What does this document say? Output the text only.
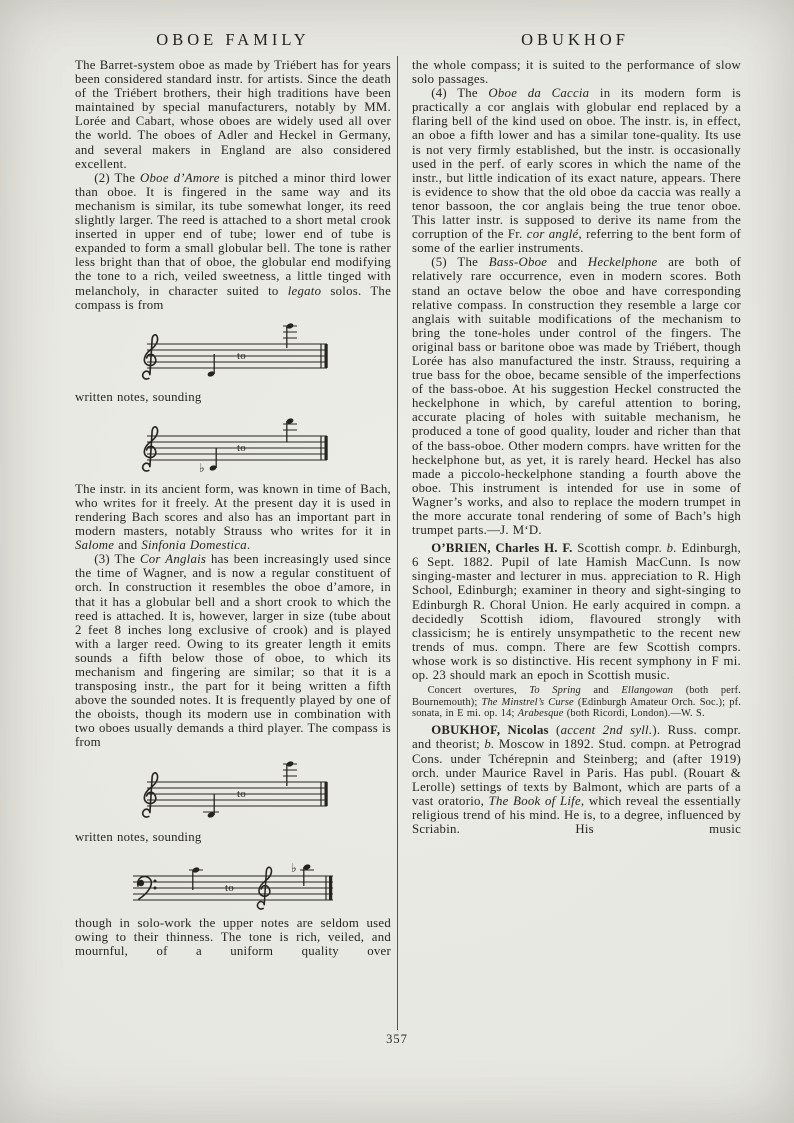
OBOE FAMILY	OBUKHOF

The Barret-system oboe as made by Triébert has for years been considered standard instr. for artists. Since the death of the Triébert brothers, their high traditions have been maintained by special manufacturers, notably by MM. Lorée and Cabart, whose oboes are widely used all over the world. The oboes of Adler and Heckel in Germany, and several makers in England are also considered excellent.

(2) The Oboe d’Amore is pitched a minor third lower than oboe. It is fingered in the same way and its mechanism is similar, its tube somewhat longer, its reed slightly larger. The reed is attached to a short metal crook inserted in upper end of tube; lower end of tube is expanded to form a small globular bell. The tone is rather less bright than that of oboe, the globular end modifying the tone to a rich, veiled sweetness, a little tinged with melancholy, in character suited to legato solos. The compass is from

to

written notes, sounding

♭
to

The instr. in its ancient form, was known in time of Bach, who writes for it freely. At the present day it is used in rendering Bach scores and also has an important part in modern masters, notably Strauss who writes for it in Salome and Sinfonia Domestica.

(3) The Cor Anglais has been increasingly used since the time of Wagner, and is now a regular constituent of orch. In construction it resembles the oboe d’amore, in that it has a globular bell and a short crook to which the reed is attached. It is, however, larger in size (tube about 2 feet 8 inches long exclusive of crook) and is played with a larger reed. Owing to its greater length it emits sounds a fifth below those of oboe, to which its mechanism and fingering are similar; so that it is a transposing instr., the part for it being written a fifth above the sounded notes. It is frequently played by one of the oboists, though its modern use in combination with two oboes usually demands a third player. The compass is from

to

written notes, sounding

to
♭

though in solo-work the upper notes are seldom used owing to their thinness. The tone is rich, veiled, and mournful, of a uniform quality over

the whole compass; it is suited to the performance of slow solo passages.

(4) The Oboe da Caccia in its modern form is practically a cor anglais with globular end replaced by a flaring bell of the kind used on oboe. The instr. is, in effect, an oboe a fifth lower and has a similar tone-quality. Its use is not very firmly established, but the instr. is occasionally used in the perf. of early scores in which the name of the instr., but little indication of its exact nature, appears. There is evidence to show that the old oboe da caccia was really a tenor bassoon, the cor anglais being the true tenor oboe. This latter instr. is supposed to derive its name from the corruption of the Fr. cor anglé, referring to the bent form of some of the earlier instruments.

(5) The Bass-Oboe and Heckelphone are both of relatively rare occurrence, even in modern scores. Both stand an octave below the oboe and have corresponding relative compass. In construction they resemble a large cor anglais with suitable modifications of the mechanism to bring the tone-holes under control of the fingers. The original bass or baritone oboe was made by Triébert, though Lorée has also manufactured the instr. Strauss, requiring a true bass for the oboe, became sensible of the imperfections of the bass-oboe. At his suggestion Heckel constructed the heckelphone in which, by careful attention to boring, accurate placing of holes with suitable mechanism, he produced a tone of good quality, louder and richer than that of the bass-oboe. Other modern comprs. have written for the heckelphone but, as yet, it is rarely heard. Heckel has also made a piccolo-heckelphone standing a fourth above the oboe. This instrument is intended for use in some of Wagner’s works, and also to replace the modern trumpet in the more accurate tonal rendering of some of Bach’s high trumpet parts.—J. M‘D.

O’BRIEN, Charles H. F. Scottish compr. b. Edinburgh, 6 Sept. 1882. Pupil of late Hamish MacCunn. Is now singing-master and lecturer in mus. appreciation to R. High School, Edinburgh; examiner in theory and sight-singing to Edinburgh R. Choral Union. He early acquired in compn. a decidedly Scottish idiom, flavoured strongly with classicism; he is entirely unsympathetic to the recent new trends of mus. compn. There are few Scottish comprs. whose work is so distinctive. His recent symphony in F mi. op. 23 should mark an epoch in Scottish music.

Concert overtures, To Spring and Ellangowan (both perf. Bournemouth); The Minstrel’s Curse (Edinburgh Amateur Orch. Soc.); pf. sonata, in E mi. op. 14; Arabesque (both Ricordi, London).—W. S.

OBUKHOF, Nicolas (accent 2nd syll.). Russ. compr. and theorist; b. Moscow in 1892. Stud. compn. at Petrograd Cons. under Tchérepnin and Steinberg; and (after 1919) orch. under Maurice Ravel in Paris. Has publ. (Rouart & Lerolle) settings of texts by Balmont, which are parts of a vast oratorio, The Book of Life, which reveal the essentially religious trend of his mind. He is, to a degree, influenced by Scriabin. His music

357
